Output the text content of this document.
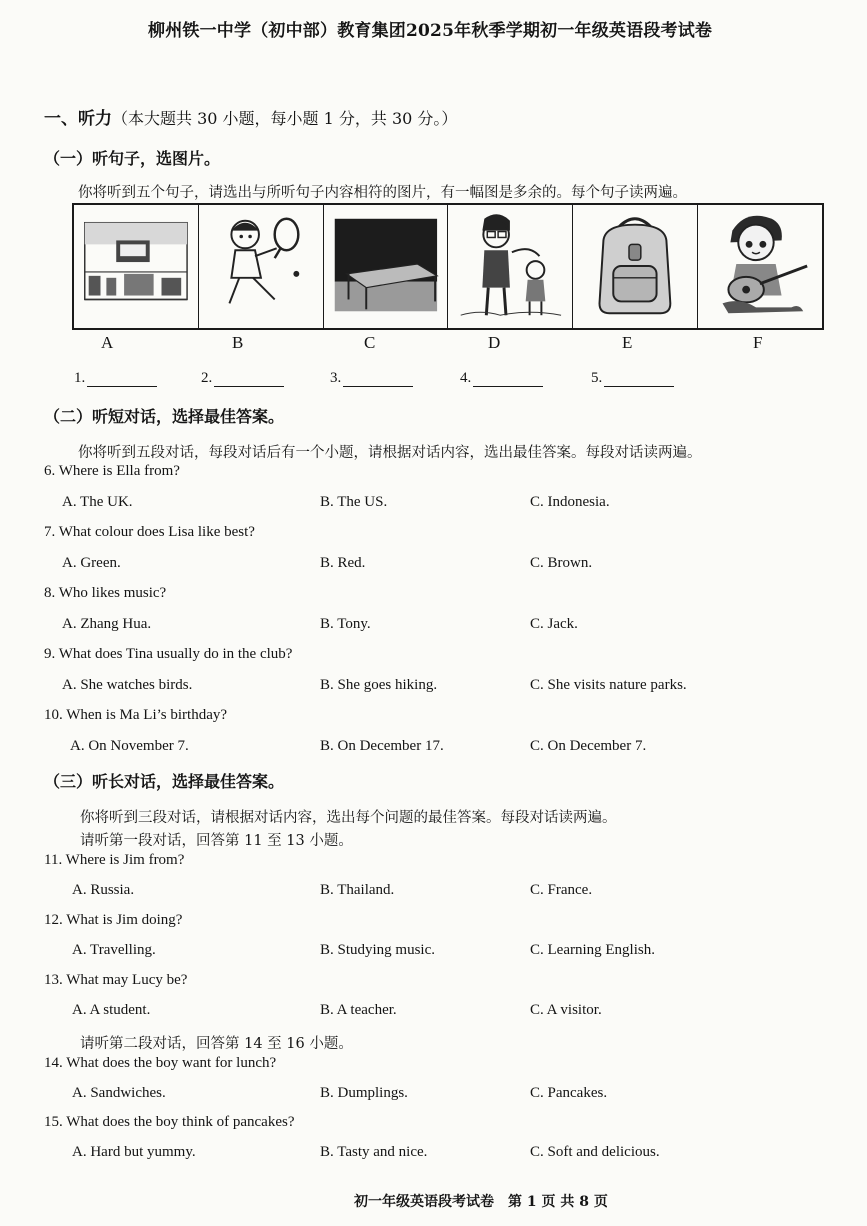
柳州铁一中学（初中部）教育集团2025年秋季学期初一年级英语段考试卷
一、听力（本大题共 30 小题，每小题 1 分，共 30 分。）
（一）听句子，选图片。
你将听到五个句子，请选出与所听句子内容相符的图片，有一幅图是多余的。每个句子读两遍。
A	B	C	D	E	F
1.	2.	3.	4.	5.
（二）听短对话，选择最佳答案。
你将听到五段对话，每段对话后有一个小题，请根据对话内容，选出最佳答案。每段对话读两遍。
6. Where is Ella from?
A. The UK.	B. The US.	C. Indonesia.
7. What colour does Lisa like best?
A. Green.	B. Red.	C. Brown.
8. Who likes music?
A. Zhang Hua.	B. Tony.	C. Jack.
9. What does Tina usually do in the club?
A. She watches birds.	B. She goes hiking.	C. She visits nature parks.
10. When is Ma Li’s birthday?
A. On November 7.	B. On December 17.	C. On December 7.
（三）听长对话，选择最佳答案。
你将听到三段对话，请根据对话内容，选出每个问题的最佳答案。每段对话读两遍。
请听第一段对话，回答第 11 至 13 小题。
11. Where is Jim from?
A. Russia.	B. Thailand.	C. France.
12. What is Jim doing?
A. Travelling.	B. Studying music.	C. Learning English.
13. What may Lucy be?
A. A student.	B. A teacher.	C. A visitor.
请听第二段对话，回答第 14 至 16 小题。
14. What does the boy want for lunch?
A. Sandwiches.	B. Dumplings.	C. Pancakes.
15. What does the boy think of pancakes?
A. Hard but yummy.	B. Tasty and nice.	C. Soft and delicious.
初一年级英语段考试卷　第 1 页 共 8 页
